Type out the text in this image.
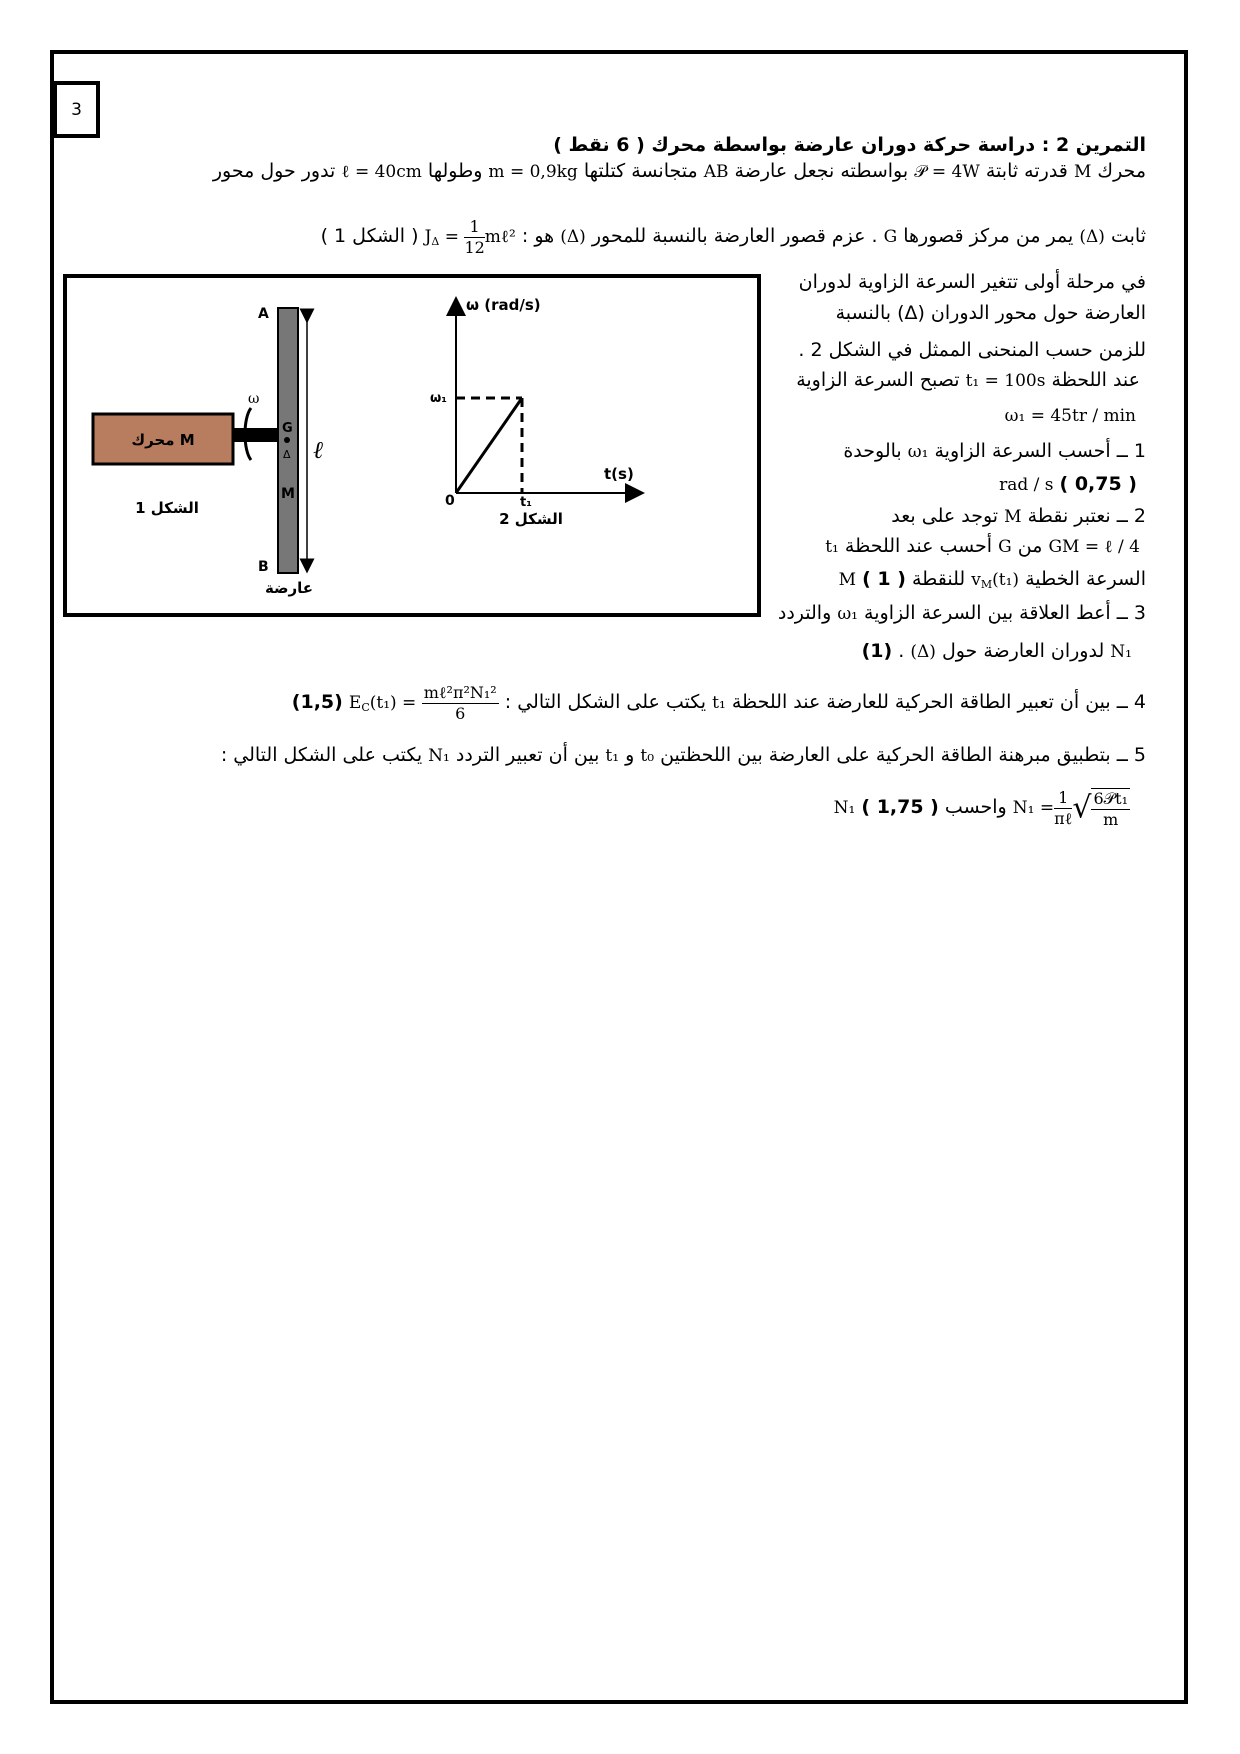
3
التمرين 2 : دراسة حركة دوران عارضة بواسطة محرك ( 6 نقط )
محرك M قدرته ثابتة 𝒫 = 4W بواسطته نجعل عارضة AB متجانسة كتلتها m = 0,9kg وطولها ℓ = 40cm تدور حول محور
ثابت (Δ) يمر من مركز قصورها G . عزم قصور العارضة بالنسبة للمحور (Δ) هو : $J_\Delta = \frac{1}{12}$ mℓ² ( الشكل 1 )
محرك M
ω
A
B
G
Δ
M
ℓ
الشكل 1
عارضة
ω (rad/s)
t(s)
0
ω₁
t₁
الشكل 2
في مرحلة أولى تتغير السرعة الزاوية لدوران
العارضة حول محور الدوران (Δ) بالنسبة
للزمن حسب المنحنى الممثل في الشكل 2 .
عند اللحظة t₁ = 100s تصبح السرعة الزاوية
ω₁ = 45tr / min
1 ــ أحسب السرعة الزاوية ω₁ بالوحدة
rad / s ( 0,75 )
2 ــ نعتبر نقطة M توجد على بعد
GM = ℓ / 4 من G أحسب عند اللحظة t₁
السرعة الخطية $v_M(t_1)$ للنقطة M ( 1 )
3 ــ أعط العلاقة بين السرعة الزاوية ω₁ والتردد
N₁ لدوران العارضة حول (Δ) . (1)
4 ــ بين أن تعبير الطاقة الحركية للعارضة عند اللحظة t₁ يكتب على الشكل التالي : $E_C(t_1) = \frac{\text{mℓ²π²N₁²}}{6}$
(1,5)
5 ــ بتطبيق مبرهنة الطاقة الحركية على العارضة بين اللحظتين t₀ و t₁ بين أن تعبير التردد N₁ يكتب على الشكل التالي :
$N_1 = \frac{1}{\text{πℓ}}$ √ $\frac{\text{6𝒫t₁}}{m}$
واحسب N₁ ( 1,75 )
